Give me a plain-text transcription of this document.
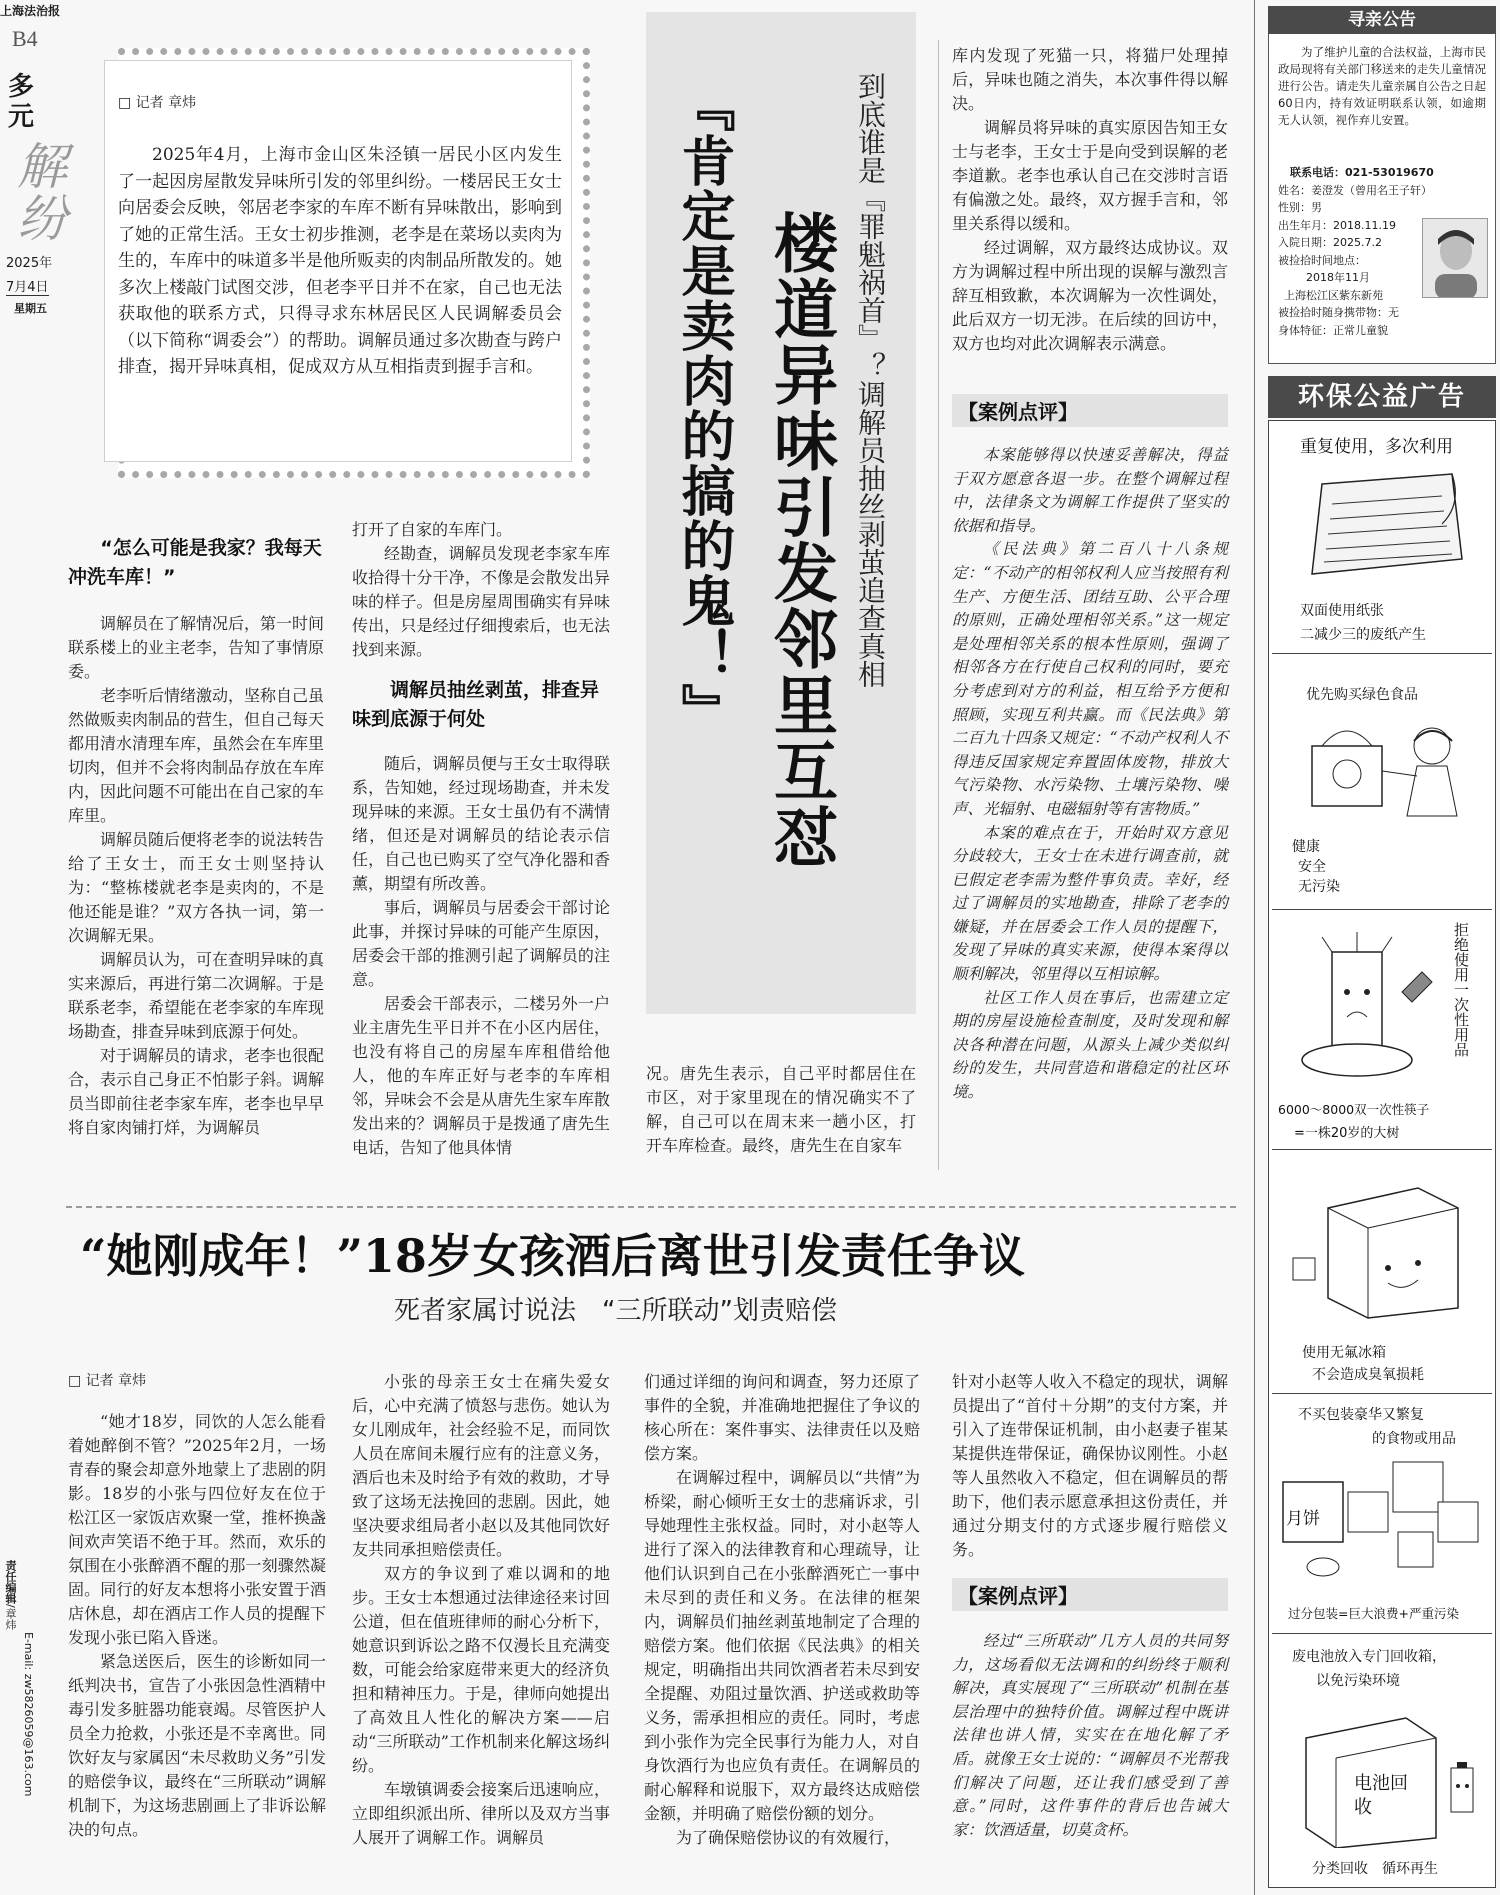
上海法治报
B4
多元
解纷
2025年
7月4日
星期五
责任编辑/章炜
E-mail: zw5826059@163.com
□ 记者 章炜
2025年4月，上海市金山区朱泾镇一居民小区内发生了一起因房屋散发异味所引发的邻里纠纷。一楼居民王女士向居委会反映，邻居老李家的车库不断有异味散出，影响到了她的正常生活。王女士初步推测，老李是在菜场以卖肉为生的，车库中的味道多半是他所贩卖的肉制品所散发的。她多次上楼敲门试图交涉，但老李平日并不在家，自己也无法获取他的联系方式，只得寻求东林居民区人民调解委员会（以下简称“调委会”）的帮助。调解员通过多次勘查与跨户排查，揭开异味真相，促成双方从互相指责到握手言和。	到底谁是『罪魁祸首』？调解员抽丝剥茧追查真相
楼道异味引发邻里互怼
『肯定是卖肉的搞的鬼！』
“怎么可能是我家？我每天冲洗车库！”

调解员在了解情况后，第一时间联系楼上的业主老李，告知了事情原委。

老李听后情绪激动，坚称自己虽然做贩卖肉制品的营生，但自己每天都用清水清理车库，虽然会在车库里切肉，但并不会将肉制品存放在车库内，因此问题不可能出在自己家的车库里。

调解员随后便将老李的说法转告给了王女士，而王女士则坚持认为：“整栋楼就老李是卖肉的，不是他还能是谁？”双方各执一词，第一次调解无果。

调解员认为，可在查明异味的真实来源后，再进行第二次调解。于是联系老李，希望能在老李家的车库现场勘查，排查异味到底源于何处。

对于调解员的请求，老李也很配合，表示自己身正不怕影子斜。调解员当即前往老李家车库，老李也早早将自家肉铺打烊，为调解员

打开了自家的车库门。

经勘查，调解员发现老李家车库收拾得十分干净，不像是会散发出异味的样子。但是房屋周围确实有异味传出，只是经过仔细搜索后，也无法找到来源。

调解员抽丝剥茧，排查异味到底源于何处

随后，调解员便与王女士取得联系，告知她，经过现场勘查，并未发现异味的来源。王女士虽仍有不满情绪，但还是对调解员的结论表示信任，自己也已购买了空气净化器和香薰，期望有所改善。

事后，调解员与居委会干部讨论此事，并探讨异味的可能产生原因，居委会干部的推测引起了调解员的注意。

居委会干部表示，二楼另外一户业主唐先生平日并不在小区内居住，也没有将自己的房屋车库租借给他人，他的车库正好与老李的车库相邻，异味会不会是从唐先生家车库散发出来的？调解员于是拨通了唐先生电话，告知了他具体情

况。唐先生表示，自己平时都居住在市区，对于家里现在的情况确实不了解，自己可以在周末来一趟小区，打开车库检查。最终，唐先生在自家车

库内发现了死猫一只，将猫尸处理掉后，异味也随之消失，本次事件得以解决。

调解员将异味的真实原因告知王女士与老李，王女士于是向受到误解的老李道歉。老李也承认自己在交涉时言语有偏激之处。最终，双方握手言和，邻里关系得以缓和。

经过调解，双方最终达成协议。双方为调解过程中所出现的误解与激烈言辞互相致歉，本次调解为一次性调处，此后双方一切无涉。在后续的回访中，双方也均对此次调解表示满意。

【案例点评】

本案能够得以快速妥善解决，得益于双方愿意各退一步。在整个调解过程中，法律条文为调解工作提供了坚实的依据和指导。

《民法典》第二百八十八条规定：“不动产的相邻权利人应当按照有利生产、方便生活、团结互助、公平合理的原则，正确处理相邻关系。”这一规定是处理相邻关系的根本性原则，强调了相邻各方在行使自己权利的同时，要充分考虑到对方的利益，相互给予方便和照顾，实现互利共赢。而《民法典》第二百九十四条又规定：“不动产权利人不得违反国家规定弃置固体废物，排放大气污染物、水污染物、土壤污染物、噪声、光辐射、电磁辐射等有害物质。”

本案的难点在于，开始时双方意见分歧较大，王女士在未进行调查前，就已假定老李需为整件事负责。幸好，经过了调解员的实地勘查，排除了老李的嫌疑，并在居委会工作人员的提醒下，发现了异味的真实来源，使得本案得以顺利解决，邻里得以互相谅解。

社区工作人员在事后，也需建立定期的房屋设施检查制度，及时发现和解决各种潜在问题，从源头上减少类似纠纷的发生，共同营造和谐稳定的社区环境。

“她刚成年！”18岁女孩酒后离世引发责任争议
死者家属讨说法　“三所联动”划责赔偿
□ 记者 章炜

“她才18岁，同饮的人怎么能看着她醉倒不管？”2025年2月，一场青春的聚会却意外地蒙上了悲剧的阴影。18岁的小张与四位好友在位于松江区一家饭店欢聚一堂，推杯换盏间欢声笑语不绝于耳。然而，欢乐的氛围在小张醉酒不醒的那一刻骤然凝固。同行的好友本想将小张安置于酒店休息，却在酒店工作人员的提醒下发现小张已陷入昏迷。

紧急送医后，医生的诊断如同一纸判决书，宣告了小张因急性酒精中毒引发多脏器功能衰竭。尽管医护人员全力抢救，小张还是不幸离世。同饮好友与家属因“未尽救助义务”引发的赔偿争议，最终在“三所联动”调解机制下，为这场悲剧画上了非诉讼解决的句点。

小张的母亲王女士在痛失爱女后，心中充满了愤怒与悲伤。她认为女儿刚成年，社会经验不足，而同饮人员在席间未履行应有的注意义务，酒后也未及时给予有效的救助，才导致了这场无法挽回的悲剧。因此，她坚决要求组局者小赵以及其他同饮好友共同承担赔偿责任。

双方的争议到了难以调和的地步。王女士本想通过法律途径来讨回公道，但在值班律师的耐心分析下，她意识到诉讼之路不仅漫长且充满变数，可能会给家庭带来更大的经济负担和精神压力。于是，律师向她提出了高效且人性化的解决方案——启动“三所联动”工作机制来化解这场纠纷。

车墩镇调委会接案后迅速响应，立即组织派出所、律所以及双方当事人展开了调解工作。调解员

们通过详细的询问和调查，努力还原了事件的全貌，并准确地把握住了争议的核心所在：案件事实、法律责任以及赔偿方案。

在调解过程中，调解员以“共情”为桥梁，耐心倾听王女士的悲痛诉求，引导她理性主张权益。同时，对小赵等人进行了深入的法律教育和心理疏导，让他们认识到自己在小张醉酒死亡一事中未尽到的责任和义务。在法律的框架内，调解员们抽丝剥茧地制定了合理的赔偿方案。他们依据《民法典》的相关规定，明确指出共同饮酒者若未尽到安全提醒、劝阻过量饮酒、护送或救助等义务，需承担相应的责任。同时，考虑到小张作为完全民事行为能力人，对自身饮酒行为也应负有责任。在调解员的耐心解释和说服下，双方最终达成赔偿金额，并明确了赔偿份额的划分。

为了确保赔偿协议的有效履行，

针对小赵等人收入不稳定的现状，调解员提出了“首付＋分期”的支付方案，并引入了连带保证机制，由小赵妻子崔某某提供连带保证，确保协议刚性。小赵等人虽然收入不稳定，但在调解员的帮助下，他们表示愿意承担这份责任，并通过分期支付的方式逐步履行赔偿义务。

【案例点评】

经过“三所联动”几方人员的共同努力，这场看似无法调和的纠纷终于顺利解决，真实展现了“三所联动”机制在基层治理中的独特价值。调解过程中既讲法律也讲人情，实实在在地化解了矛盾。就像王女士说的：“调解员不光帮我们解决了问题，还让我们感受到了善意。”同时，这件事件的背后也告诫大家：饮酒适量，切莫贪杯。

寻亲公告
为了维护儿童的合法权益，上海市民政局现将有关部门移送来的走失儿童情况进行公告。请走失儿童亲属自公告之日起60日内，持有效证明联系认领，如逾期无人认领，视作弃儿安置。
联系电话：021-53019670
姓名：姜澄发（曾用名王子轩）
性别：男
出生年月：2018.11.19
入院日期：2025.7.2
被捡拾时间地点：
2018年11月
上海松江区紫东新苑
被捡拾时随身携带物：无
身体特征：正常儿童貌
环保公益广告
重复使用，多次利用
双面使用纸张
二减少三的废纸产生
优先购买绿色食品
健康
安全
无污染
拒绝使用一次性用品
6000～8000双一次性筷子
=一株20岁的大树
使用无氟冰箱
不会造成臭氧损耗
不买包装豪华又繁复
的食物或用品
月饼
过分包装=巨大浪费+严重污染
废电池放入专门回收箱，
以免污染环境
电池回收
分类回收　循环再生
